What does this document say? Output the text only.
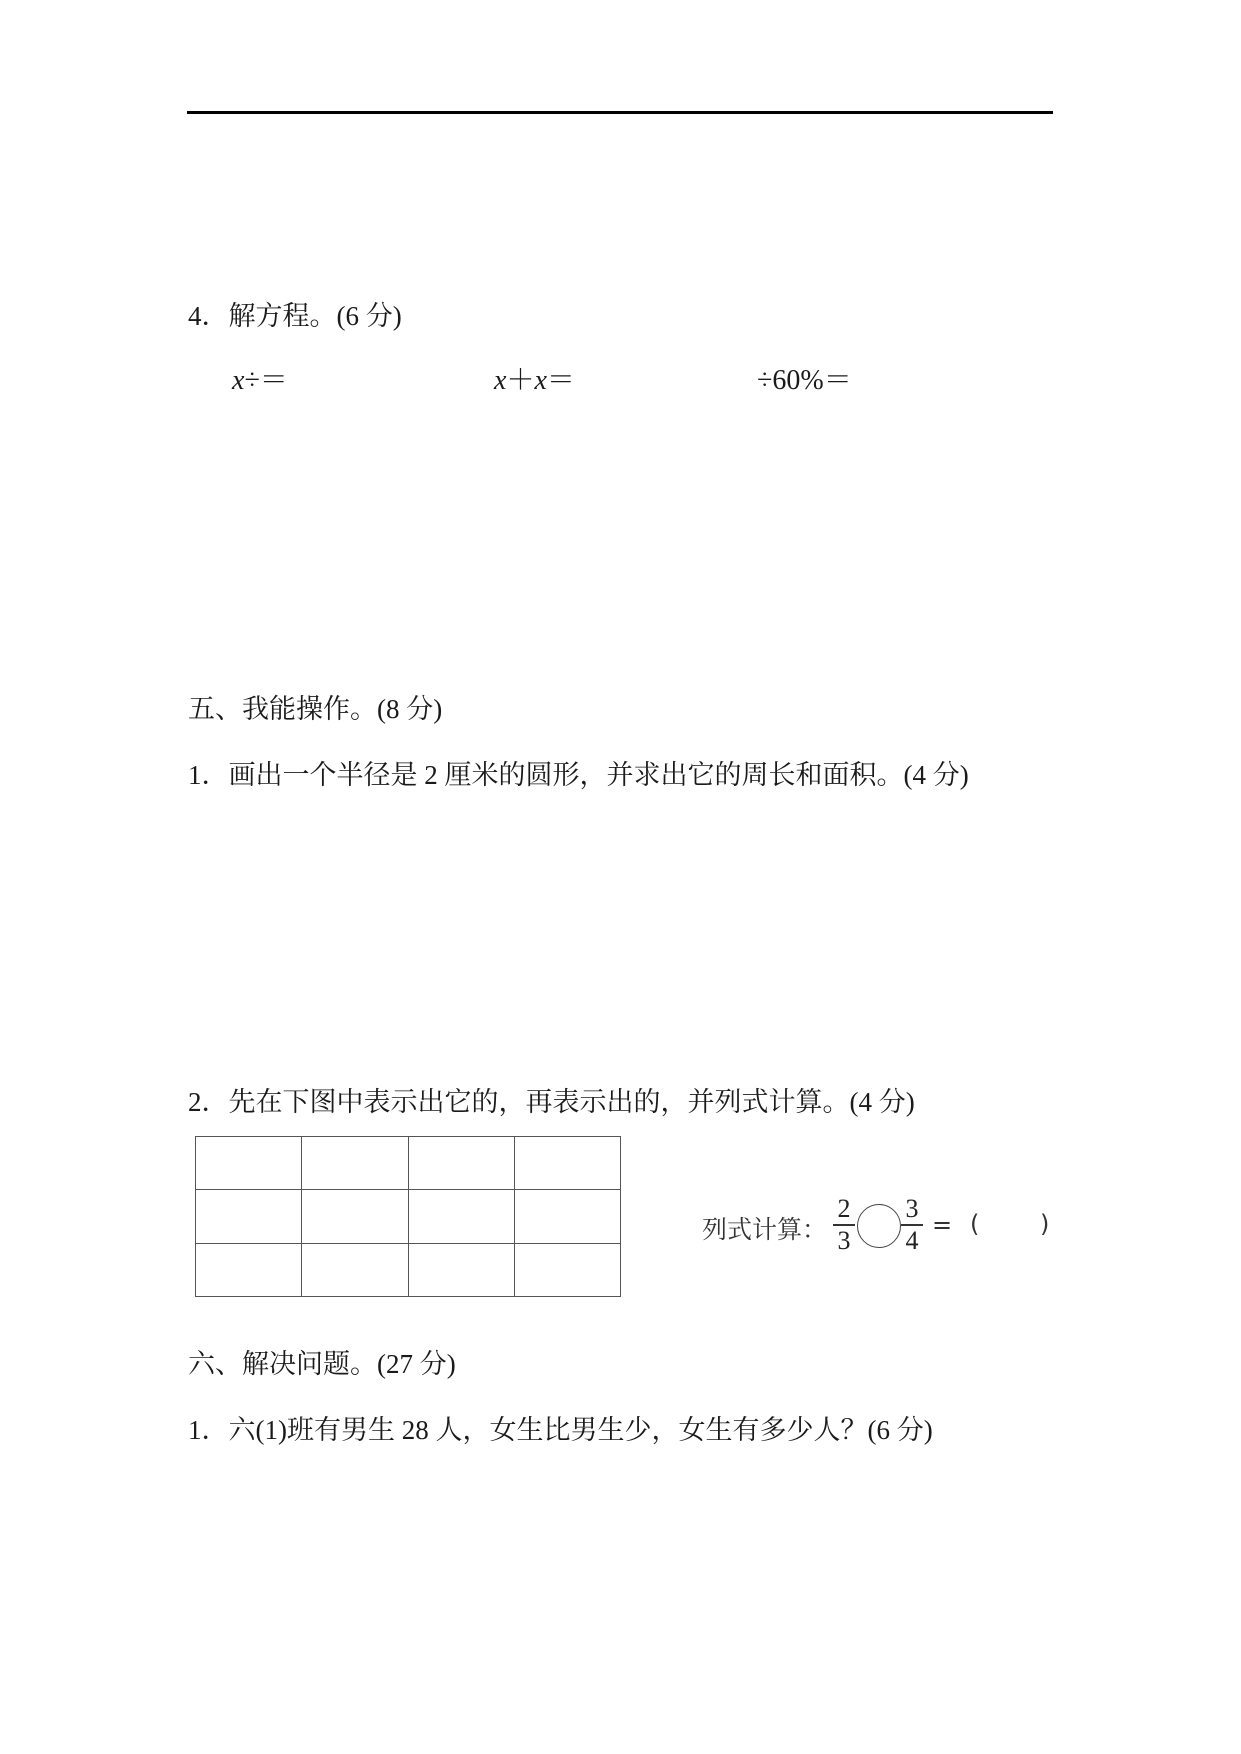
4．解方程。(6 分)
x÷＝	x＋x＝	÷60%＝
五、我能操作。(8 分)
1．画出一个半径是 2 厘米的圆形，并求出它的周长和面积。(4 分)
2．先在下图中表示出它的，再表示出的，并列式计算。(4 分)

列式计算：
2
3
3
4
= (	)
六、解决问题。(27 分)
1．六(1)班有男生 28 人，女生比男生少，女生有多少人？(6 分)
